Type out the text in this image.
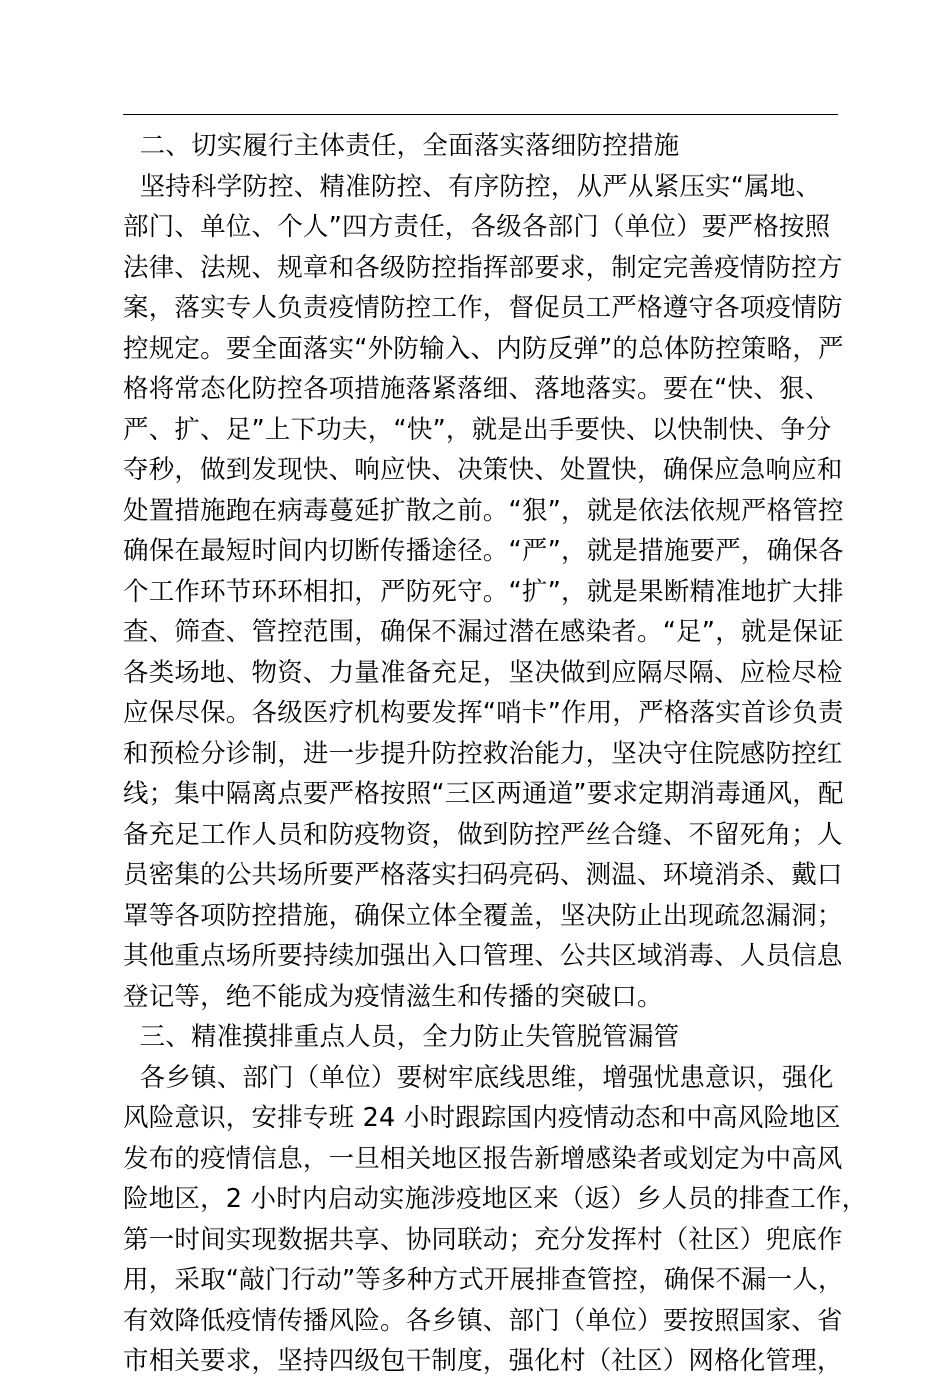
二、切实履行主体责任，全面落实落细防控措施
坚持科学防控、精准防控、有序防控，从严从紧压实“属地、
部门、单位、个人”四方责任，各级各部门（单位）要严格按照
法律、法规、规章和各级防控指挥部要求，制定完善疫情防控方
案，落实专人负责疫情防控工作，督促员工严格遵守各项疫情防
控规定。要全面落实“外防输入、内防反弹”的总体防控策略，严
格将常态化防控各项措施落紧落细、落地落实。要在“快、狠、
严、扩、足”上下功夫，“快”，就是出手要快、以快制快、争分
夺秒，做到发现快、响应快、决策快、处置快，确保应急响应和
处置措施跑在病毒蔓延扩散之前。“狠”，就是依法依规严格管控
确保在最短时间内切断传播途径。“严”，就是措施要严，确保各
个工作环节环环相扣，严防死守。“扩”，就是果断精准地扩大排
查、筛查、管控范围，确保不漏过潜在感染者。“足”，就是保证
各类场地、物资、力量准备充足，坚决做到应隔尽隔、应检尽检
应保尽保。各级医疗机构要发挥“哨卡”作用，严格落实首诊负责
和预检分诊制，进一步提升防控救治能力，坚决守住院感防控红
线；集中隔离点要严格按照“三区两通道”要求定期消毒通风，配
备充足工作人员和防疫物资，做到防控严丝合缝、不留死角；人
员密集的公共场所要严格落实扫码亮码、测温、环境消杀、戴口
罩等各项防控措施，确保立体全覆盖，坚决防止出现疏忽漏洞；
其他重点场所要持续加强出入口管理、公共区域消毒、人员信息
登记等，绝不能成为疫情滋生和传播的突破口。
三、精准摸排重点人员，全力防止失管脱管漏管
各乡镇、部门（单位）要树牢底线思维，增强忧患意识，强化
风险意识，安排专班 24 小时跟踪国内疫情动态和中高风险地区
发布的疫情信息，一旦相关地区报告新增感染者或划定为中高风
险地区，2 小时内启动实施涉疫地区来（返）乡人员的排查工作，
第一时间实现数据共享、协同联动；充分发挥村（社区）兜底作
用，采取“敲门行动”等多种方式开展排查管控，确保不漏一人，
有效降低疫情传播风险。各乡镇、部门（单位）要按照国家、省
市相关要求，坚持四级包干制度，强化村（社区）网格化管理，
